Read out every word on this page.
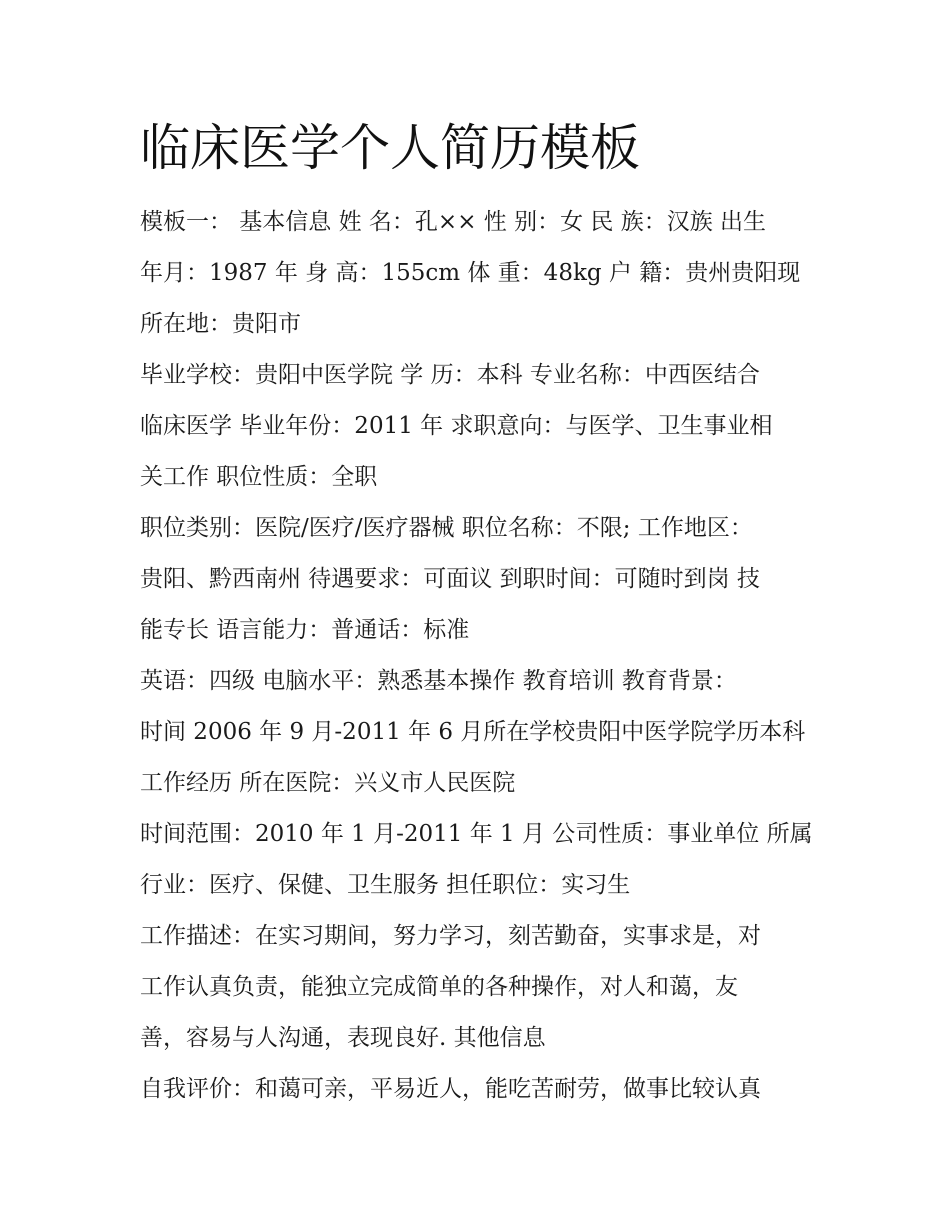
临床医学个人简历模板

模板一： 基本信息 姓 名：孔×× 性 别：女 民 族：汉族 出生

年月：1987 年 身 高：155cm 体 重：48kg 户 籍：贵州贵阳现

所在地：贵阳市

毕业学校：贵阳中医学院 学 历：本科 专业名称：中西医结合

临床医学 毕业年份：2011 年 求职意向：与医学、卫生事业相

关工作 职位性质：全职

职位类别：医院/医疗/医疗器械 职位名称：不限; 工作地区：

贵阳、黔西南州 待遇要求：可面议 到职时间：可随时到岗 技

能专长 语言能力：普通话：标准

英语：四级 电脑水平：熟悉基本操作 教育培训 教育背景：

时间 2006 年 9 月-2011 年 6 月所在学校贵阳中医学院学历本科

工作经历 所在医院：兴义市人民医院

时间范围：2010 年 1 月-2011 年 1 月 公司性质：事业单位 所属

行业：医疗、保健、卫生服务 担任职位：实习生

工作描述：在实习期间，努力学习，刻苦勤奋，实事求是，对

工作认真负责，能独立完成简单的各种操作，对人和蔼，友

善，容易与人沟通，表现良好. 其他信息

自我评价：和蔼可亲，平易近人，能吃苦耐劳，做事比较认真
